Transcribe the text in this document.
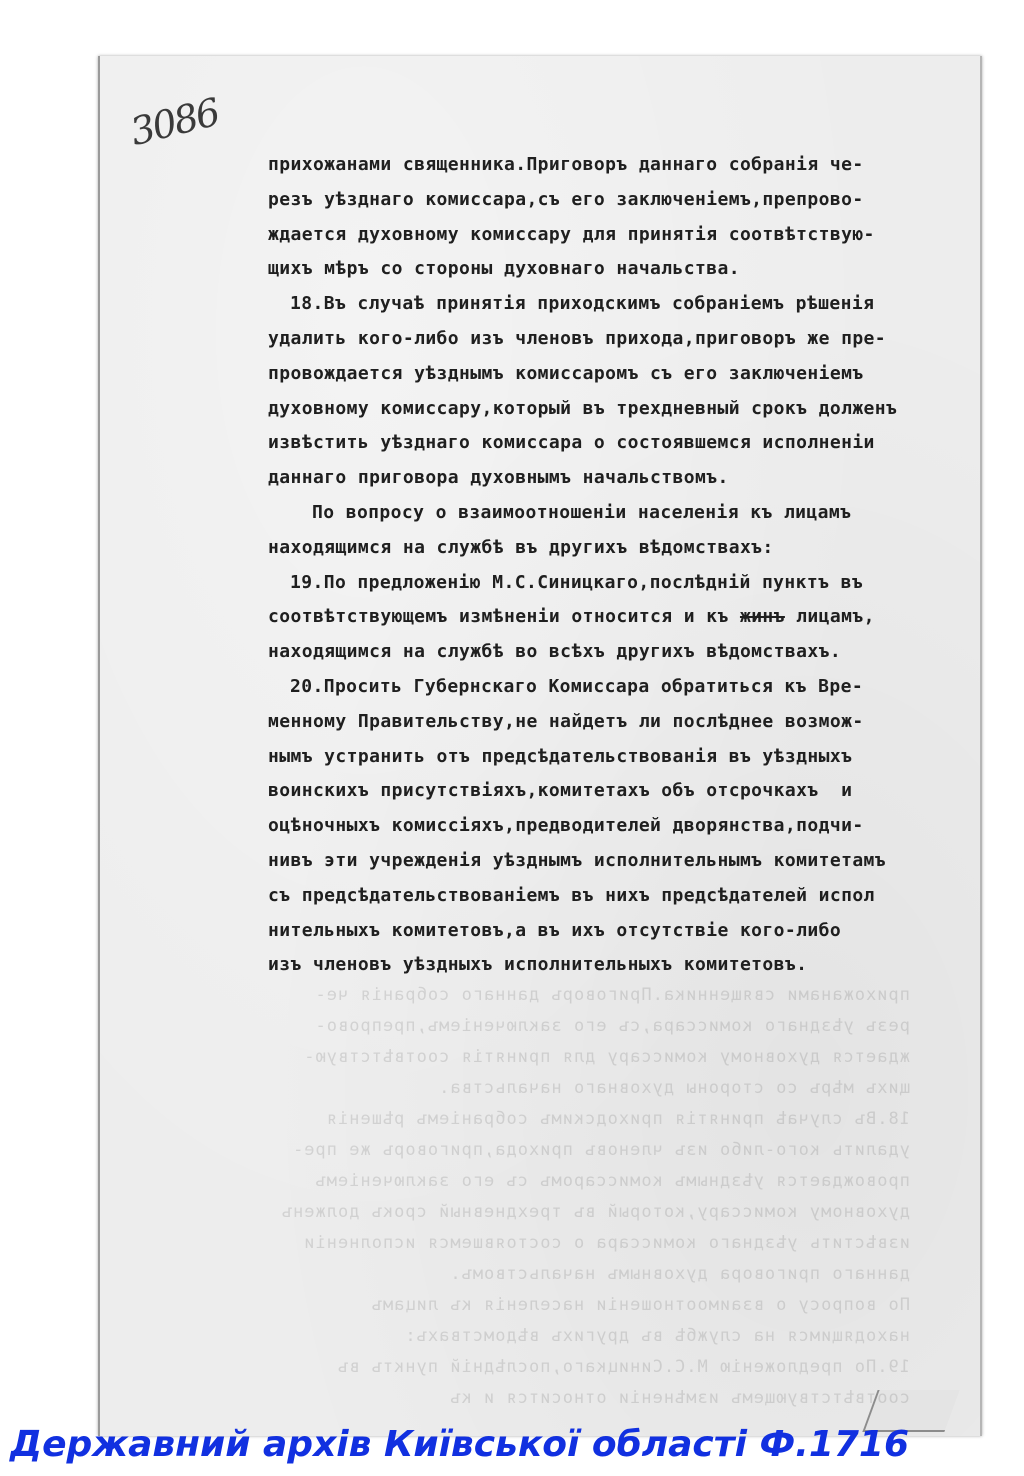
3086
прихожанами священника.Приговоръ даннаго собранія че-
резъ уѣзднаго комиссара,съ его заключеніемъ,препрово-
ждается духовному комиссару для принятія соотвѣтствую-
щихъ мѣръ со стороны духовнаго начальства.
18.Въ случаѣ принятія приходскимъ собраніемъ рѣшенія
удалить кого-либо изъ членовъ прихода,приговоръ же пре-
провождается уѣзднымъ комиссаромъ съ его заключеніемъ
духовному комиссару,который въ трехдневный срокъ долженъ
извѣстить уѣзднаго комиссара о состоявшемся исполненіи
даннаго приговора духовнымъ начальствомъ.
По вопросу о взаимоотношеніи населенія къ лицамъ
находящимся на службѣ въ другихъ вѣдомствахъ:
19.По предложенію М.С.Синицкаго,послѣдній пунктъ въ
соотвѣтствующемъ измѣненіи относится и къ
прихожанами священника.Приговоръ даннаго собранія че-
резъ уѣзднаго комиссара,съ его заключеніемъ,препрово-
ждается духовному комиссару для принятія соотвѣтствую-
щихъ мѣръ со стороны духовнаго начальства.
18.Въ случаѣ принятія приходскимъ собраніемъ рѣшенія
удалить кого-либо изъ членовъ прихода,приговоръ же пре-
провождается уѣзднымъ комиссаромъ съ его заключеніемъ
духовному комиссару,который въ трехдневный срокъ долженъ
извѣстить уѣзднаго комиссара о состоявшемся исполненіи
даннаго приговора духовнымъ начальствомъ.
По вопросу о взаимоотношеніи населенія къ лицамъ
находящимся на службѣ въ другихъ вѣдомствахъ:
19.По предложенію М.С.Синицкаго,послѣдній пунктъ въ
соотвѣтствующемъ измѣненіи относится и къ жинъ лицамъ,
находящимся на службѣ во всѣхъ другихъ вѣдомствахъ.
20.Просить Губернскаго Комиссара обратиться къ Вре-
менному Правительству,не найдетъ ли послѣднее возмож-
нымъ устранить отъ предсѣдательствованія въ уѣздныхъ
воинскихъ присутствіяхъ,комитетахъ объ отсрочкахъ  и
оцѣночныхъ комиссіяхъ,предводителей дворянства,подчи-
нивъ эти учрежденія уѣзднымъ исполнительнымъ комитетамъ
съ предсѣдательствованіемъ въ нихъ предсѣдателей испол
нительныхъ комитетовъ,а въ ихъ отсутствіе кого-либо
изъ членовъ уѣздныхъ исполнительныхъ комитетовъ.
Державний архів Київської області Ф.1716
